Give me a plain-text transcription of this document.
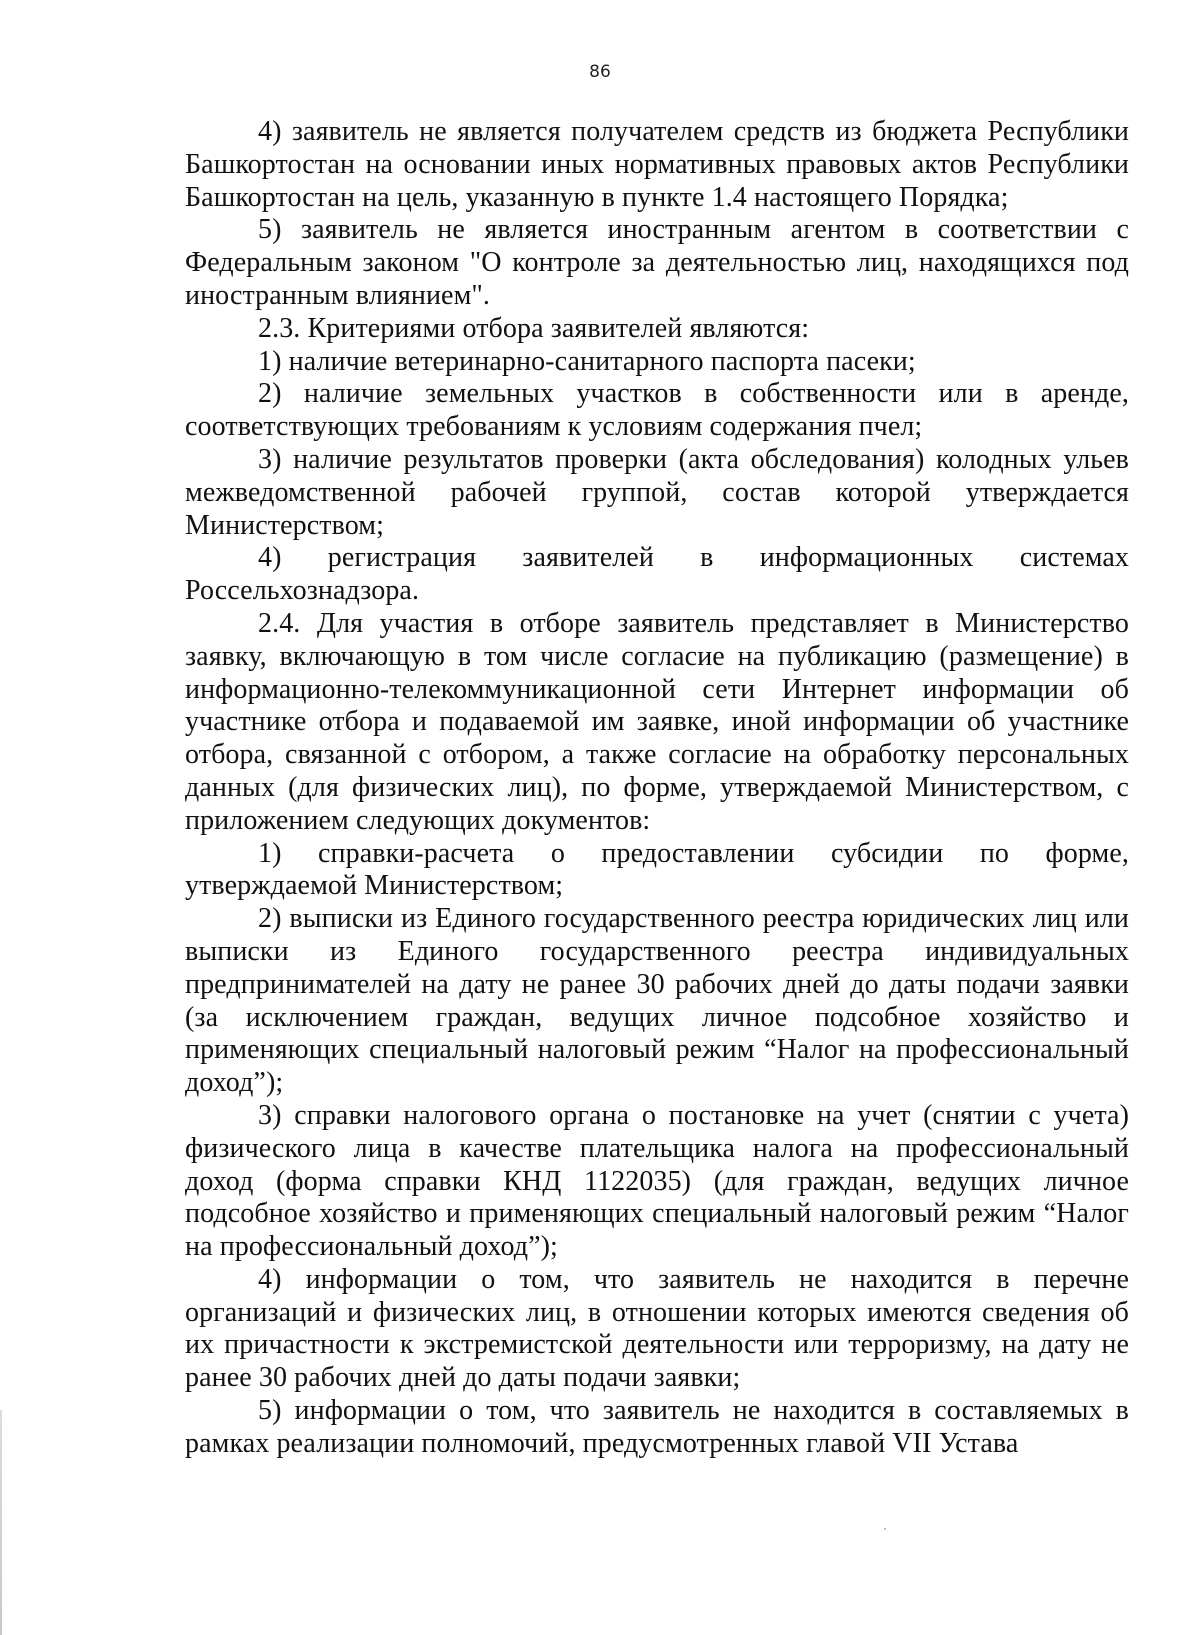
86

4) заявитель не является получателем средств из бюджета Республики Башкортостан на основании иных нормативных правовых актов Республики Башкортостан на цель, указанную в пункте 1.4 настоящего Порядка;

5) заявитель не является иностранным агентом в соответствии с Федеральным законом "О контроле за деятельностью лиц, находящихся под иностранным влиянием".

2.3. Критериями отбора заявителей являются:

1) наличие ветеринарно-санитарного паспорта пасеки;

2) наличие земельных участков в собственности или в аренде, соответствующих требованиям к условиям содержания пчел;

3) наличие результатов проверки (акта обследования) колодных ульев межведомственной рабочей группой, состав которой утверждается Министерством;

4) регистрация заявителей в информационных системах Россельхознадзора.

2.4. Для участия в отборе заявитель представляет в Министерство заявку, включающую в том числе согласие на публикацию (размещение) в информационно-телекоммуникационной сети Интернет информации об участнике отбора и подаваемой им заявке, иной информации об участнике отбора, связанной с отбором, а также согласие на обработку персональных данных (для физических лиц), по форме, утверждаемой Министерством, с приложением следующих документов:

1) справки-расчета о предоставлении субсидии по форме, утверждаемой Министерством;

2) выписки из Единого государственного реестра юридических лиц или выписки из Единого государственного реестра индивидуальных предпринимателей на дату не ранее 30 рабочих дней до даты подачи заявки (за исключением граждан, ведущих личное подсобное хозяйство и применяющих специальный налоговый режим “Налог на профессиональный доход”);

3) справки налогового органа о постановке на учет (снятии с учета) физического лица в качестве плательщика налога на профессиональный доход (форма справки КНД 1122035) (для граждан, ведущих личное подсобное хозяйство и применяющих специальный налоговый режим “Налог на профессиональный доход”);

4) информации о том, что заявитель не находится в перечне организаций и физических лиц, в отношении которых имеются сведения об их причастности к экстремистской деятельности или терроризму, на дату не ранее 30 рабочих дней до даты подачи заявки;

5) информации о том, что заявитель не находится в составляемых в рамках реализации полномочий, предусмотренных главой VII Устава
